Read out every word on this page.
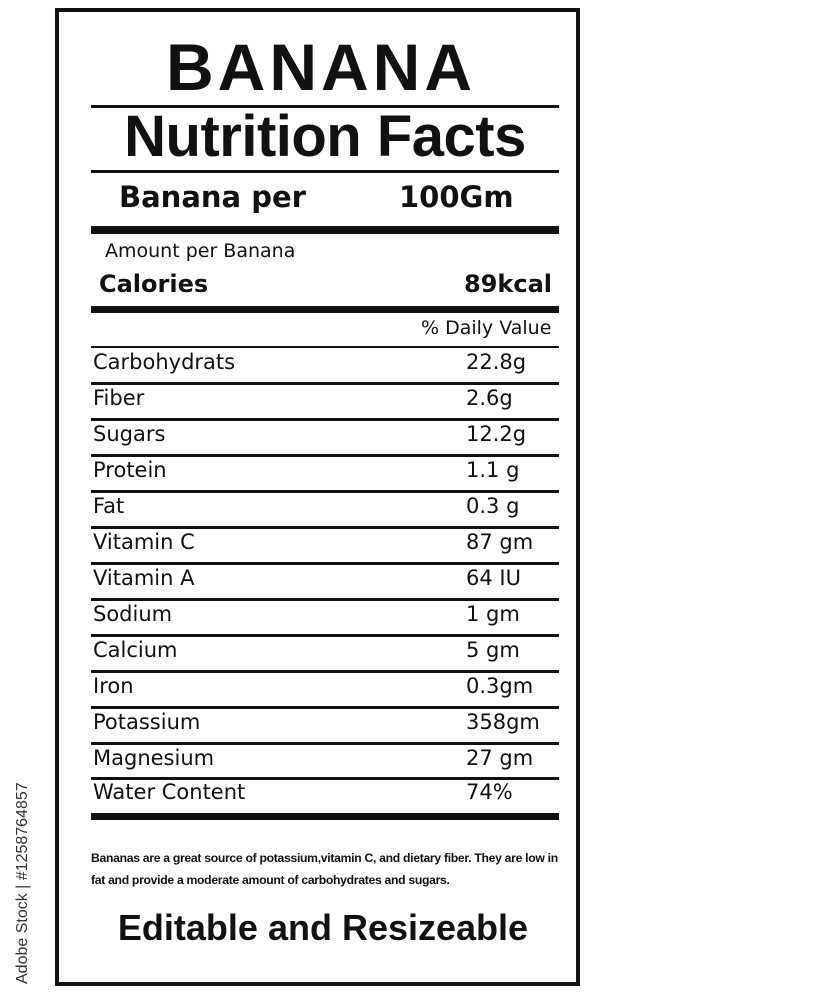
BANANA
Nutrition Facts
Banana per	100Gm
Amount per Banana
Calories	89kcal
% Daily Value
Carbohydrats	22.8g
Fiber	2.6g
Sugars	12.2g
Protein	1.1 g
Fat	0.3 g
Vitamin C	87 gm
Vitamin A	64 IU
Sodium	1 gm
Calcium	5 gm
Iron	0.3gm
Potassium	358gm
Magnesium	27 gm
Water Content	74%
Bananas are a great source of potassium,vitamin C, and dietary fiber. They are low in fat and provide a moderate amount of carbohydrates and sugars.
Editable and Resizeable
Adobe Stock | #1258764857
